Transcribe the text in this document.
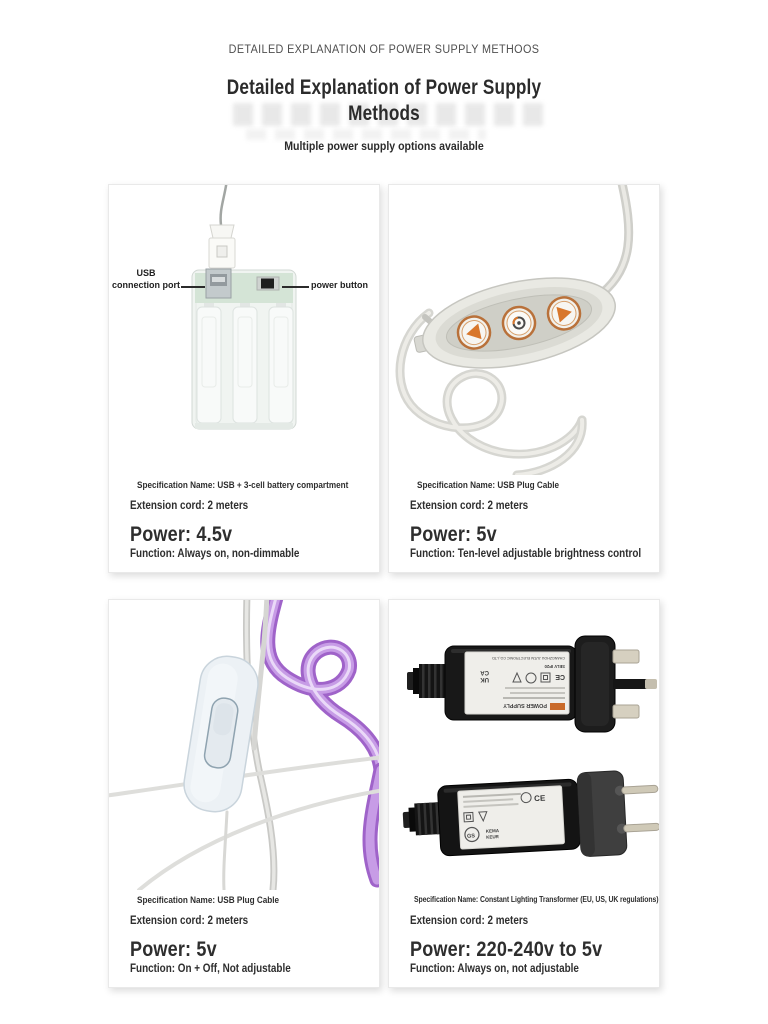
DETAILED EXPLANATION OF POWER SUPPLY METHOOS
Detailed Explanation of Power Supply
Methods
Multiple power supply options available
USB connection port	power button
Specification Name: USB + 3-cell battery compartment
Extension cord: 2 meters
Power: 4.5v
Function: Always on, non-dimmable
Specification Name: USB Plug Cable
Extension cord: 2 meters
Power: 5v
Function: Ten-level adjustable brightness control
Specification Name: USB Plug Cable
Extension cord: 2 meters
Power: 5v
Function: On + Off, Not adjustable
POWER SUPPLY
CE
UK
CA
SELV IP20
CHANGZHOU JUTAI ELECTRONIC CO.,LTD
CE
GS
KEMA
KEUR
Specification Name: Constant Lighting Transformer (EU, US, UK regulations)
Extension cord: 2 meters
Power: 220-240v to 5v
Function: Always on, not adjustable
